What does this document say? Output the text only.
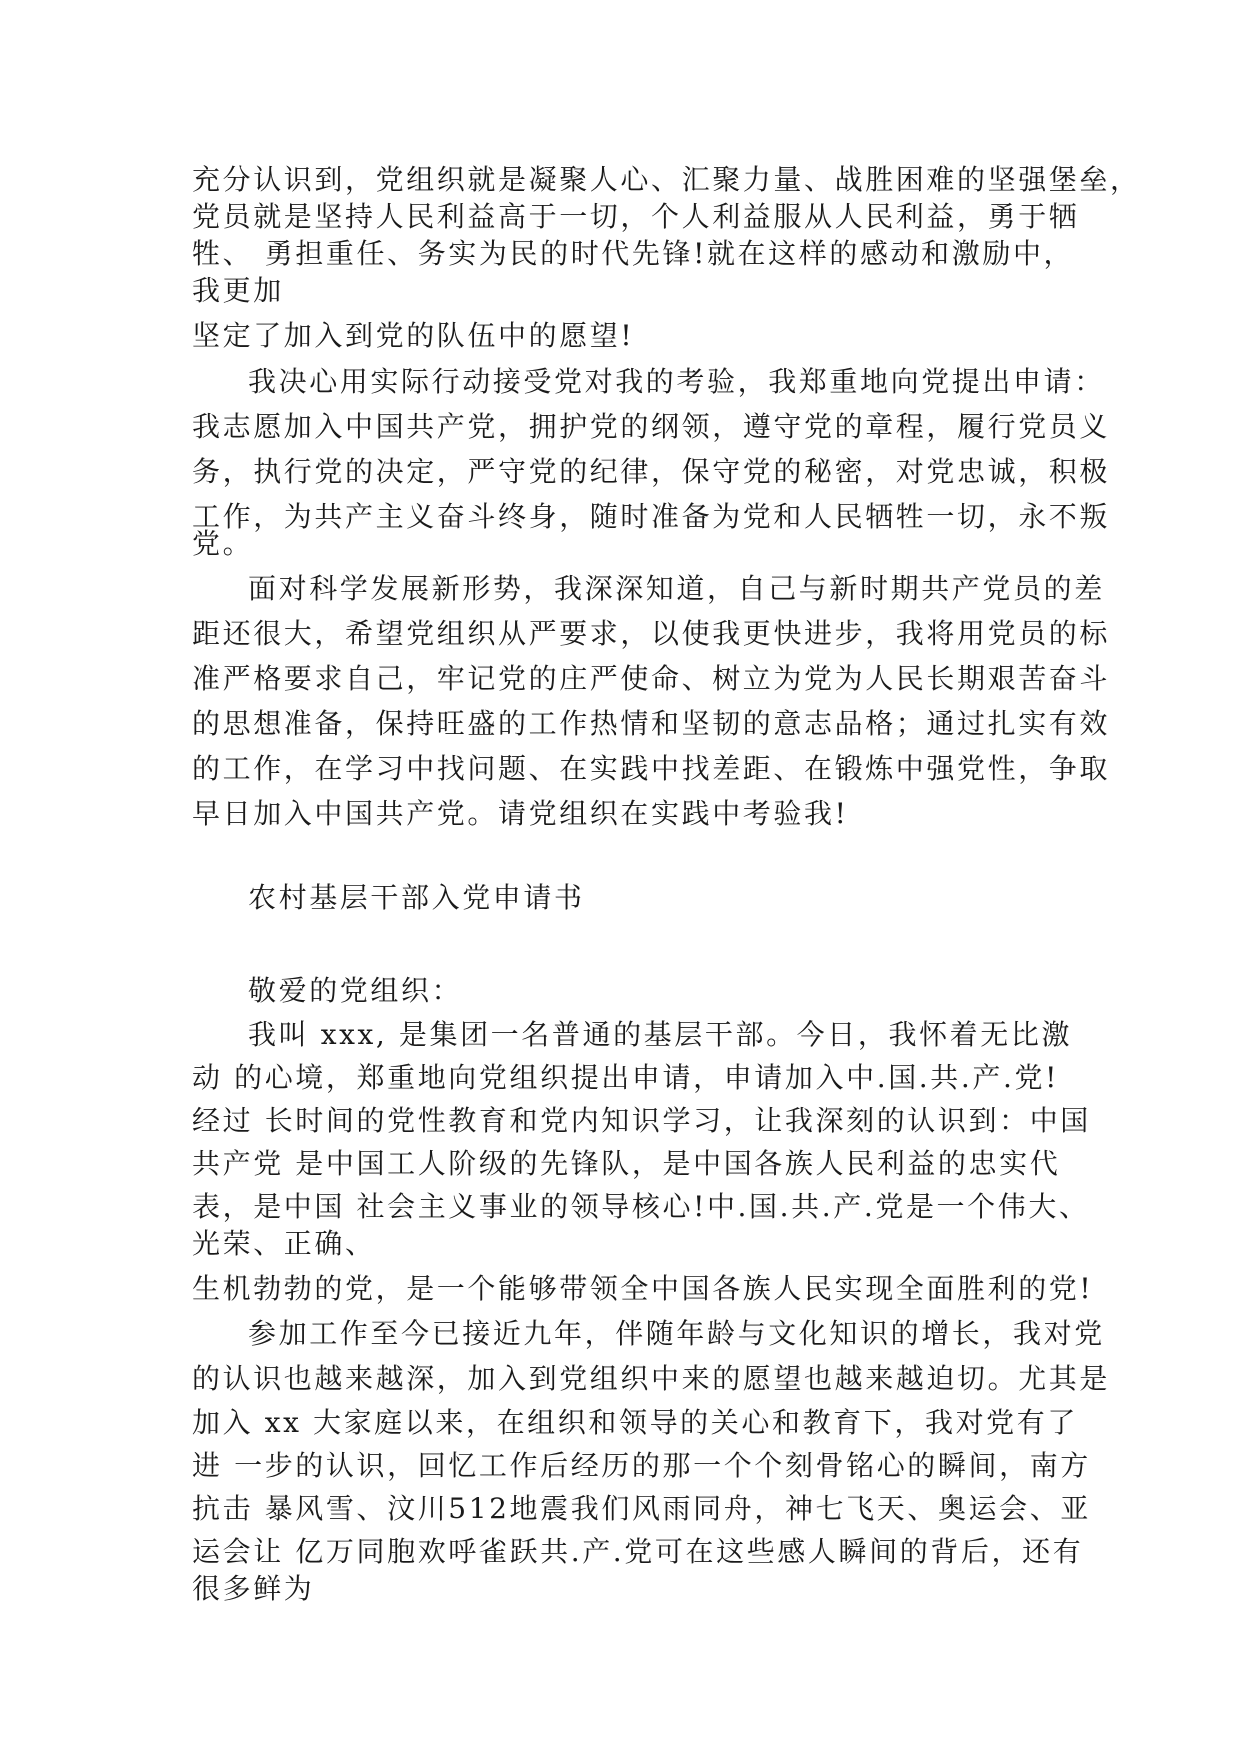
充分认识到，党组织就是凝聚人心、汇聚力量、战胜困难的坚强堡垒，

党员就是坚持人民利益高于一切，个人利益服从人民利益，勇于牺

牲、 勇担重任、务实为民的时代先锋!就在这样的感动和激励中，

我更加

坚定了加入到党的队伍中的愿望!

我决心用实际行动接受党对我的考验，我郑重地向党提出申请：

我志愿加入中国共产党，拥护党的纲领，遵守党的章程，履行党员义

务，执行党的决定，严守党的纪律，保守党的秘密，对党忠诚，积极

工作，为共产主义奋斗终身，随时准备为党和人民牺牲一切，永不叛

党。

面对科学发展新形势，我深深知道，自己与新时期共产党员的差

距还很大，希望党组织从严要求，以使我更快进步，我将用党员的标

准严格要求自己，牢记党的庄严使命、树立为党为人民长期艰苦奋斗

的思想准备，保持旺盛的工作热情和坚韧的意志品格；通过扎实有效

的工作，在学习中找问题、在实践中找差距、在锻炼中强党性，争取

早日加入中国共产党。请党组织在实践中考验我!

农村基层干部入党申请书

敬爱的党组织：

我叫 xxx, 是集团一名普通的基层干部。今日，我怀着无比激

动 的心境，郑重地向党组织提出申请，申请加入中.国.共.产.党!

经过 长时间的党性教育和党内知识学习，让我深刻的认识到：中国

共产党 是中国工人阶级的先锋队，是中国各族人民利益的忠实代

表，是中国 社会主义事业的领导核心!中.国.共.产.党是一个伟大、

光荣、正确、

生机勃勃的党，是一个能够带领全中国各族人民实现全面胜利的党!

参加工作至今已接近九年，伴随年龄与文化知识的增长，我对党

的认识也越来越深，加入到党组织中来的愿望也越来越迫切。尤其是

加入 xx 大家庭以来，在组织和领导的关心和教育下，我对党有了

进 一步的认识，回忆工作后经历的那一个个刻骨铭心的瞬间，南方

抗击 暴风雪、汶川512地震我们风雨同舟，神七飞天、奥运会、亚

运会让 亿万同胞欢呼雀跃共.产.党可在这些感人瞬间的背后，还有

很多鲜为
